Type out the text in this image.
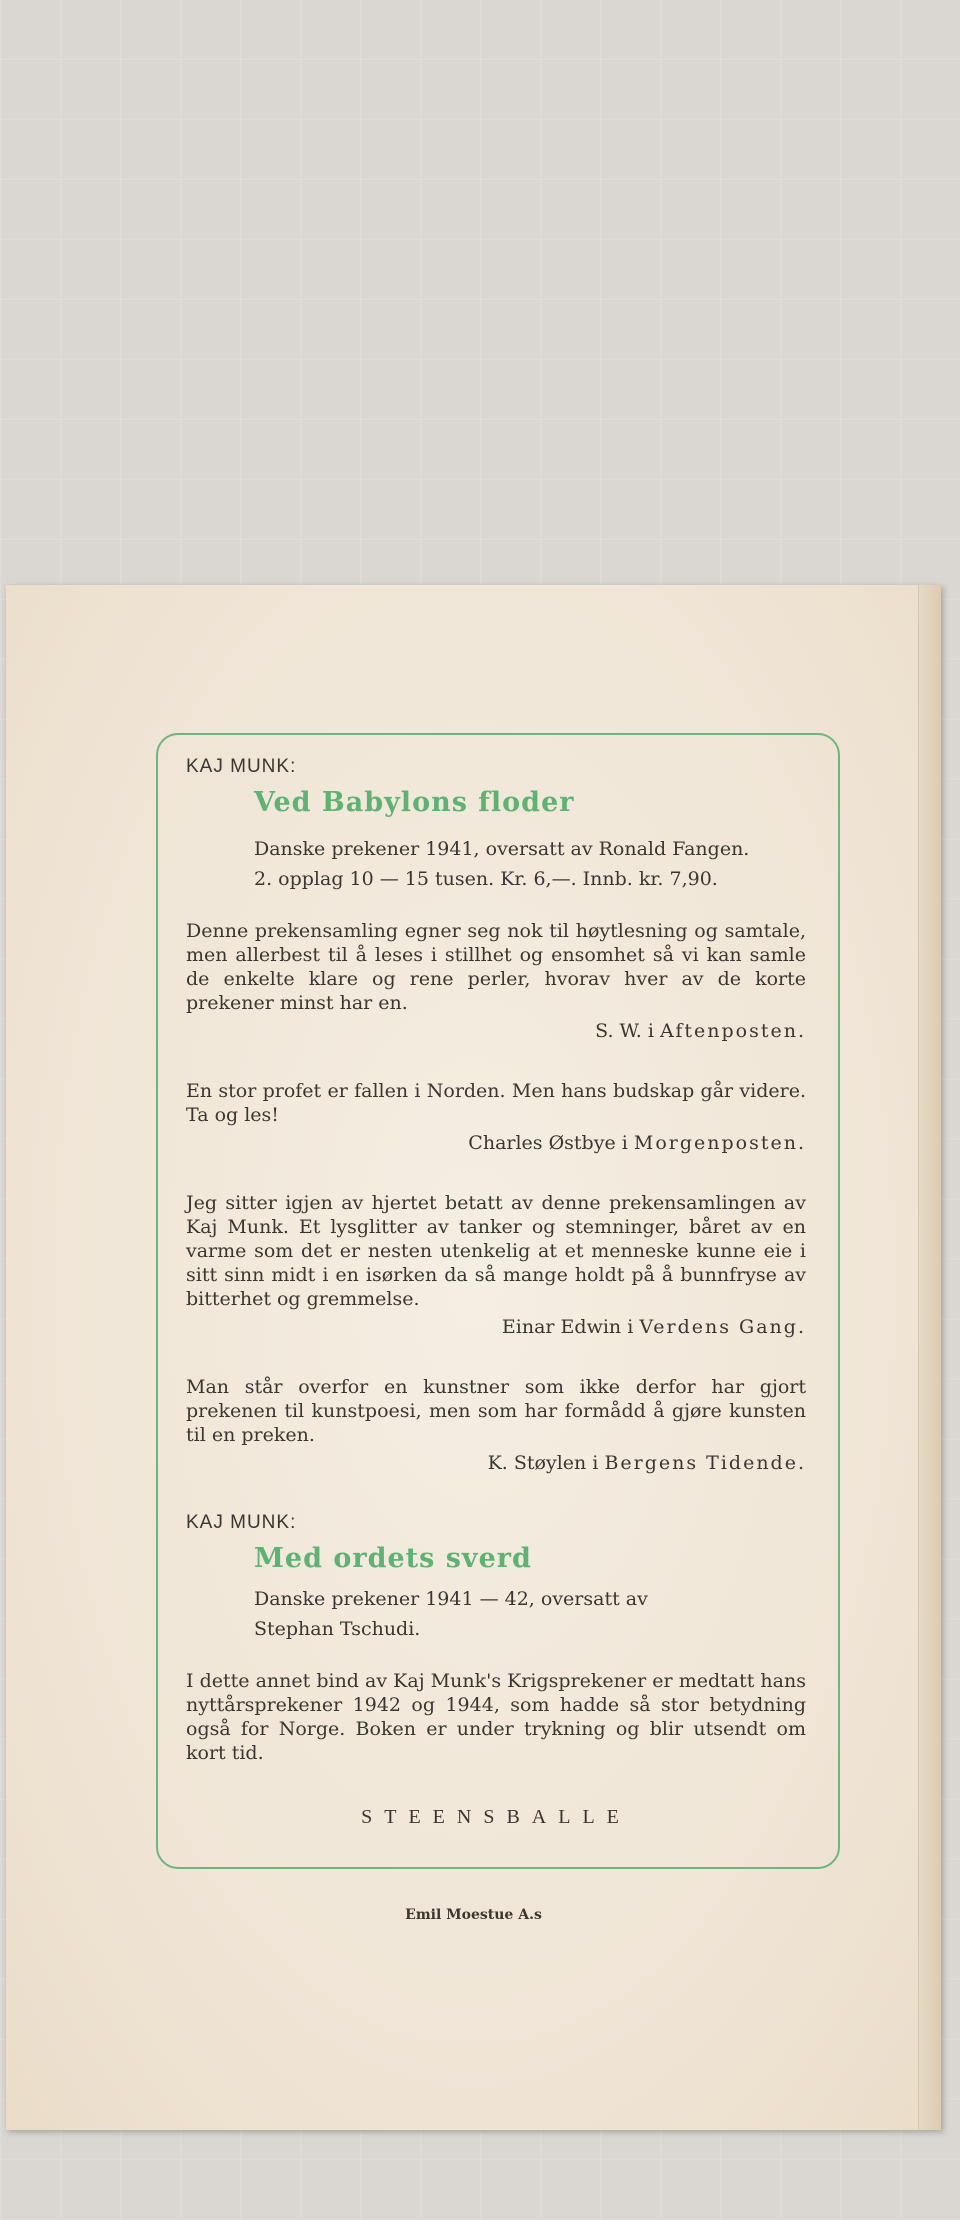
KAJ MUNK:

Ved Babylons floder
Danske prekener 1941, oversatt av Ronald Fangen.
2. opplag 10 — 15 tusen. Kr. 6,—. Innb. kr. 7,90.

Denne prekensamling egner seg nok til høytlesning og samtale, men allerbest til å leses i stillhet og ensomhet så vi kan samle de enkelte klare og rene perler, hvorav hver av de korte prekener minst har en.

S. W. i Aftenposten.

En stor profet er fallen i Norden. Men hans budskap går videre. Ta og les!

Charles Østbye i Morgenposten.

Jeg sitter igjen av hjertet betatt av denne prekensamlingen av Kaj Munk. Et lysglitter av tanker og stemninger, båret av en varme som det er nesten utenkelig at et menneske kunne eie i sitt sinn midt i en isørken da så mange holdt på å bunnfryse av bitterhet og gremmelse.

Einar Edwin i Verdens Gang.

Man står overfor en kunstner som ikke derfor har gjort prekenen til kunstpoesi, men som har formådd å gjøre kunsten til en preken.

K. Støylen i Bergens Tidende.

KAJ MUNK:

Med ordets sverd
Danske prekener 1941 — 42, oversatt av
Stephan Tschudi.

I dette annet bind av Kaj Munk's Krigsprekener er medtatt hans nyttårsprekener 1942 og 1944, som hadde så stor betydning også for Norge. Boken er under trykning og blir utsendt om kort tid.

STEENSBALLE
Emil Moestue A.s
